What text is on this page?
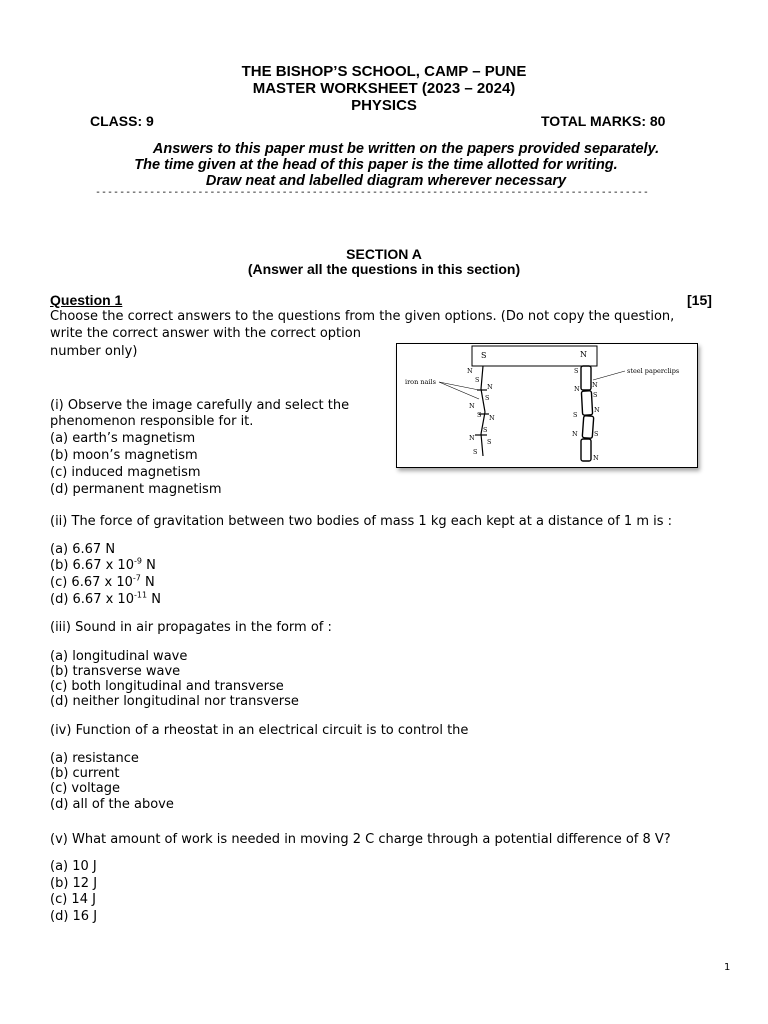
THE BISHOP’S SCHOOL, CAMP – PUNE
MASTER WORKSHEET (2023 – 2024)
PHYSICS
CLASS: 9	TOTAL MARKS: 80
Answers to this paper must be written on the papers provided separately.
The time given at the head of this paper is the time allotted for writing.
Draw neat and labelled diagram wherever necessary
--------------------------------------------------------------------------------------------
SECTION A
(Answer all the questions in this section)
Question 1	[15]
Choose the correct answers to the questions from the given options. (Do not copy the question,
write the correct answer with the correct option
number only)	S	N
iron nails
steel paperclips
N
S
N
S
N
S N
S
N S
S
S
N
N
S
S
N
N	S
N
(i) Observe the image carefully and select the
phenomenon responsible for it.
(a) earth’s magnetism
(b) moon’s magnetism
(c) induced magnetism
(d) permanent magnetism
(ii) The force of gravitation between two bodies of mass 1 kg each kept at a distance of 1 m is :
(a) 6.67 N
(b) 6.67 x $10^{-9}$ N
(c) 6.67 x $10^{-7}$ N
(d) 6.67 x $10^{-11}$ N
(iii) Sound in air propagates in the form of :
(a) longitudinal wave
(b) transverse wave
(c) both longitudinal and transverse
(d) neither longitudinal nor transverse
(iv) Function of a rheostat in an electrical circuit is to control the
(a) resistance
(b) current
(c) voltage
(d) all of the above
(v) What amount of work is needed in moving 2 C charge through a potential difference of 8 V?
(a) 10 J
(b) 12 J
(c) 14 J
(d) 16 J
1
